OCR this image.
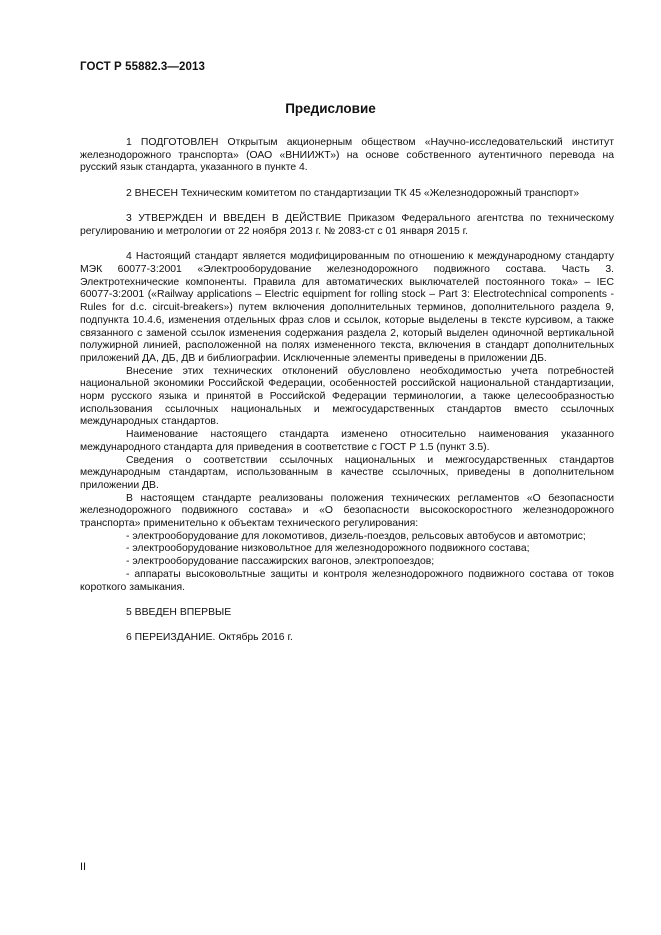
ГОСТ Р 55882.3—2013
Предисловие

1 ПОДГОТОВЛЕН Открытым акционерным обществом «Научно-исследовательский институт железнодорожного транспорта» (ОАО «ВНИИЖТ») на основе собственного аутентичного перевода на русский язык стандарта, указанного в пункте 4.

2 ВНЕСЕН Техническим комитетом по стандартизации ТК 45 «Железнодорожный транспорт»

3 УТВЕРЖДЕН И ВВЕДЕН В ДЕЙСТВИЕ Приказом Федерального агентства по техническому регулированию и метрологии от 22 ноября 2013 г. № 2083-ст с 01 января 2015 г.

4 Настоящий стандарт является модифицированным по отношению к международному стандарту МЭК 60077-3:2001 «Электрооборудование железнодорожного подвижного состава. Часть 3. Электротехнические компоненты. Правила для автоматических выключателей постоянного тока» – IEC 60077-3:2001 («Railway applications – Electric equipment for rolling stock – Part 3: Electrotechnical components - Rules for d.c. circuit-breakers») путем включения дополнительных терминов, дополнительного раздела 9, подпункта 10.4.6, изменения отдельных фраз слов и ссылок, которые выделены в тексте курсивом, а также связанного с заменой ссылок изменения содержания раздела 2, который выделен одиночной вертикальной полужирной линией, расположенной на полях измененного текста, включения в стандарт дополнительных приложений ДА, ДБ, ДВ и библиографии. Исключенные элементы приведены в приложении ДБ.

Внесение этих технических отклонений обусловлено необходимостью учета потребностей национальной экономики Российской Федерации, особенностей российской национальной стандартизации, норм русского языка и принятой в Российской Федерации терминологии, а также целесообразностью использования ссылочных национальных и межгосударственных стандартов вместо ссылочных международных стандартов.

Наименование настоящего стандарта изменено относительно наименования указанного международного стандарта для приведения в соответствие с ГОСТ Р 1.5 (пункт 3.5).

Сведения о соответствии ссылочных национальных и межгосударственных стандартов международным стандартам, использованным в качестве ссылочных, приведены в дополнительном приложении ДВ.

В настоящем стандарте реализованы положения технических регламентов «О безопасности железнодорожного подвижного состава» и «О безопасности высокоскоростного железнодорожного транспорта» применительно к объектам технического регулирования:

- электрооборудование для локомотивов, дизель-поездов, рельсовых автобусов и автомотрис;

- электрооборудование низковольтное для железнодорожного подвижного состава;

- электрооборудование пассажирских вагонов, электропоездов;

- аппараты высоковольтные защиты и контроля железнодорожного подвижного состава от токов короткого замыкания.

5 ВВЕДЕН ВПЕРВЫЕ

6 ПЕРЕИЗДАНИЕ. Октябрь 2016 г.

II
